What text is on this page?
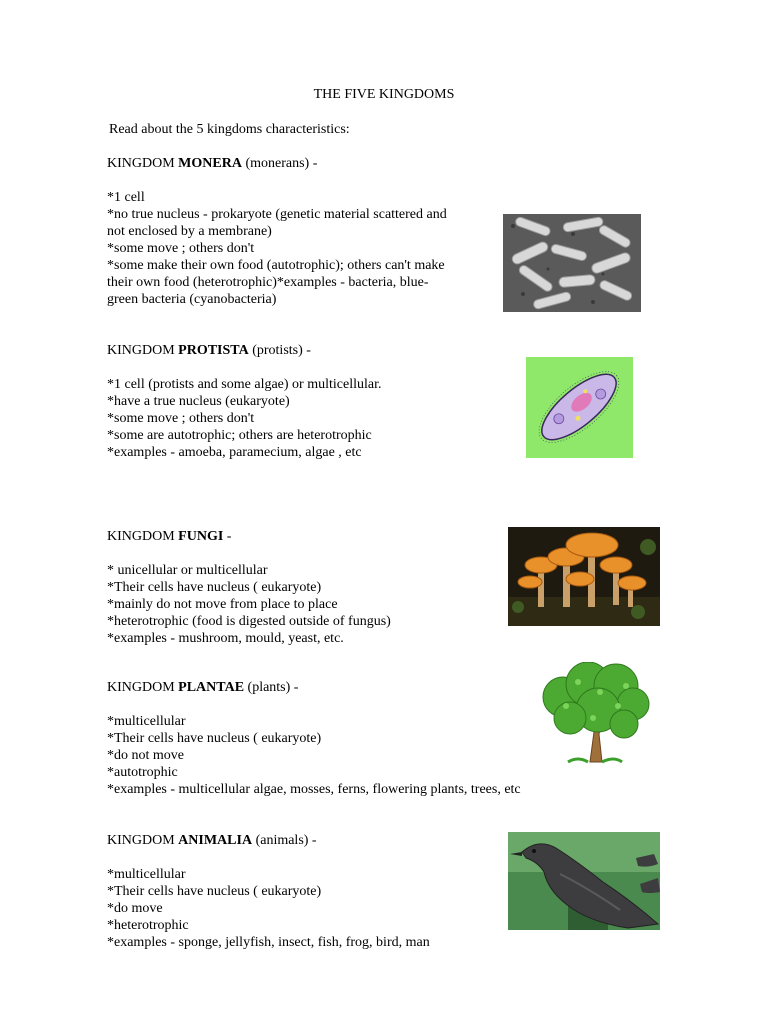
THE FIVE KINGDOMS
Read about the 5 kingdoms characteristics:
KINGDOM MONERA (monerans) -
*1 cell
*no true nucleus - prokaryote (genetic material scattered and
not enclosed by a membrane)
*some move ; others don't
*some make their own food (autotrophic); others can't make
their own food (heterotrophic)*examples - bacteria, blue-
green bacteria (cyanobacteria)
KINGDOM PROTISTA (protists) -
*1 cell (protists and some algae) or multicellular.
*have a true nucleus (eukaryote)
*some move ; others don't
*some are autotrophic; others are heterotrophic
*examples - amoeba, paramecium, algae , etc
KINGDOM FUNGI -
* unicellular or multicellular
*Their cells have nucleus ( eukaryote)
*mainly do not move from place to place
*heterotrophic (food is digested outside of fungus)
*examples - mushroom, mould, yeast, etc.
KINGDOM PLANTAE (plants) -
*multicellular
*Their cells have nucleus ( eukaryote)
*do not move
*autotrophic
*examples - multicellular algae, mosses, ferns, flowering plants, trees, etc
KINGDOM ANIMALIA (animals) -
*multicellular
*Their cells have nucleus ( eukaryote)
*do move
*heterotrophic
*examples - sponge, jellyfish, insect, fish, frog, bird, man
